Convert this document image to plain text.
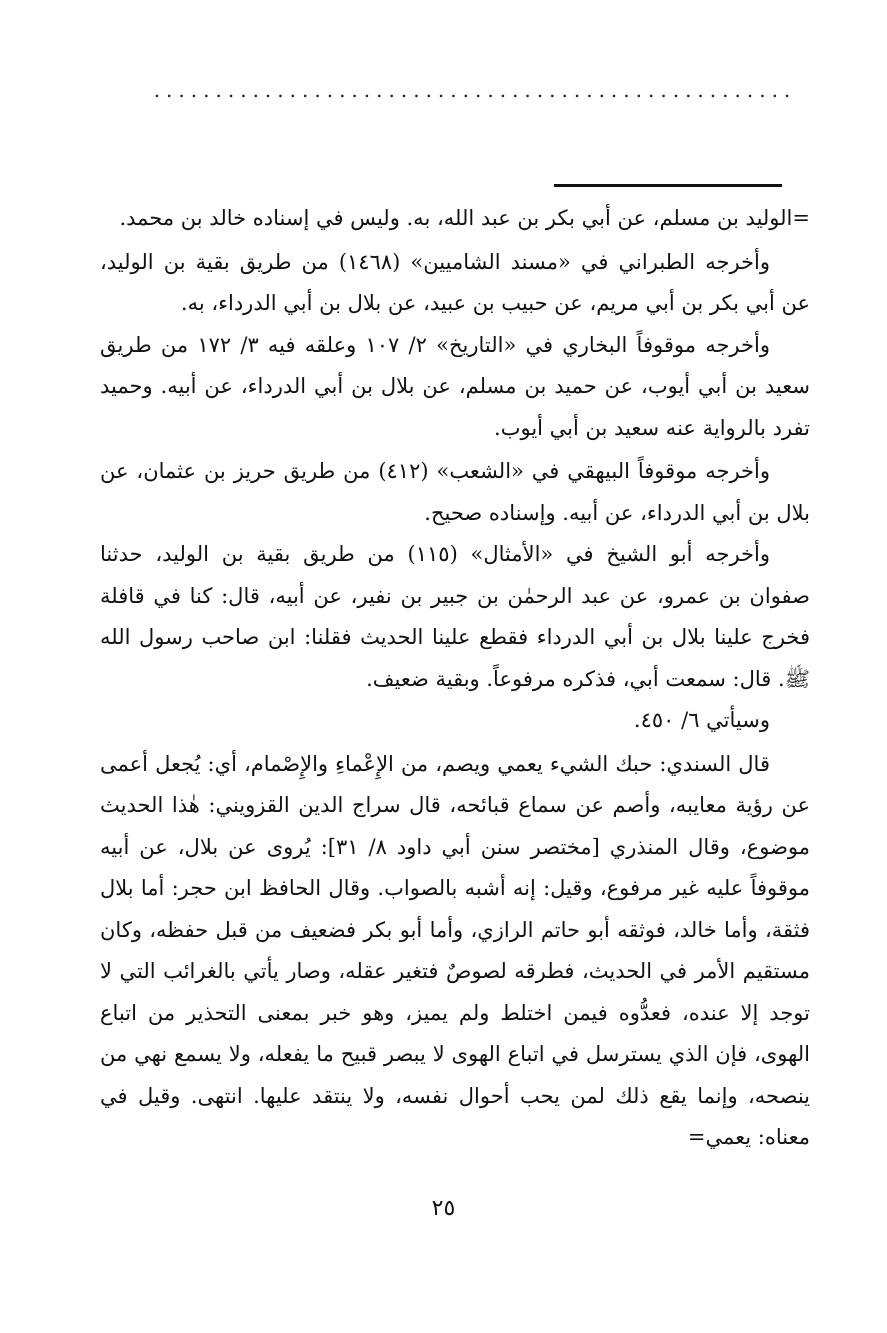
....................................................

=الوليد بن مسلم، عن أبي بكر بن عبد الله، به. وليس في إسناده خالد بن محمد.

وأخرجه الطبراني في «مسند الشاميين» (١٤٦٨) من طريق بقية بن الوليد، عن أبي بكر بن أبي مريم، عن حبيب بن عبيد، عن بلال بن أبي الدرداء، به.

وأخرجه موقوفاً البخاري في «التاريخ» ٢/ ١٠٧ وعلقه فيه ٣/ ١٧٢ من طريق سعيد بن أبي أيوب، عن حميد بن مسلم، عن بلال بن أبي الدرداء، عن أبيه. وحميد تفرد بالرواية عنه سعيد بن أبي أيوب.

وأخرجه موقوفاً البيهقي في «الشعب» (٤١٢) من طريق حريز بن عثمان، عن بلال بن أبي الدرداء، عن أبيه. وإسناده صحيح.

وأخرجه أبو الشيخ في «الأمثال» (١١٥) من طريق بقية بن الوليد، حدثنا صفوان بن عمرو، عن عبد الرحمٰن بن جبير بن نفير، عن أبيه، قال: كنا في قافلة فخرج علينا بلال بن أبي الدرداء فقطع علينا الحديث فقلنا: ابن صاحب رسول الله ﷺ. قال: سمعت أبي، فذكره مرفوعاً. وبقية ضعيف.

وسيأتي ٦/ ٤٥٠.

قال السندي: حبك الشيء يعمي ويصم، من الإِعْماءِ والإِصْمام، أي: يُجعل أعمى عن رؤية معايبه، وأصم عن سماع قبائحه، قال سراج الدين القزويني: هٰذا الحديث موضوع، وقال المنذري [مختصر سنن أبي داود ٨/ ٣١]: يُروى عن بلال، عن أبيه موقوفاً عليه غير مرفوع، وقيل: إنه أشبه بالصواب. وقال الحافظ ابن حجر: أما بلال فثقة، وأما خالد، فوثقه أبو حاتم الرازي، وأما أبو بكر فضعيف من قبل حفظه، وكان مستقيم الأمر في الحديث، فطرقه لصوصٌ فتغير عقله، وصار يأتي بالغرائب التي لا توجد إلا عنده، فعدُّوه فيمن اختلط ولم يميز، وهو خبر بمعنى التحذير من اتباع الهوى، فإن الذي يسترسل في اتباع الهوى لا يبصر قبيح ما يفعله، ولا يسمع نهي من ينصحه، وإنما يقع ذلك لمن يحب أحوال نفسه، ولا ينتقد عليها. انتهى. وقيل في معناه: يعمي=

٢٥
